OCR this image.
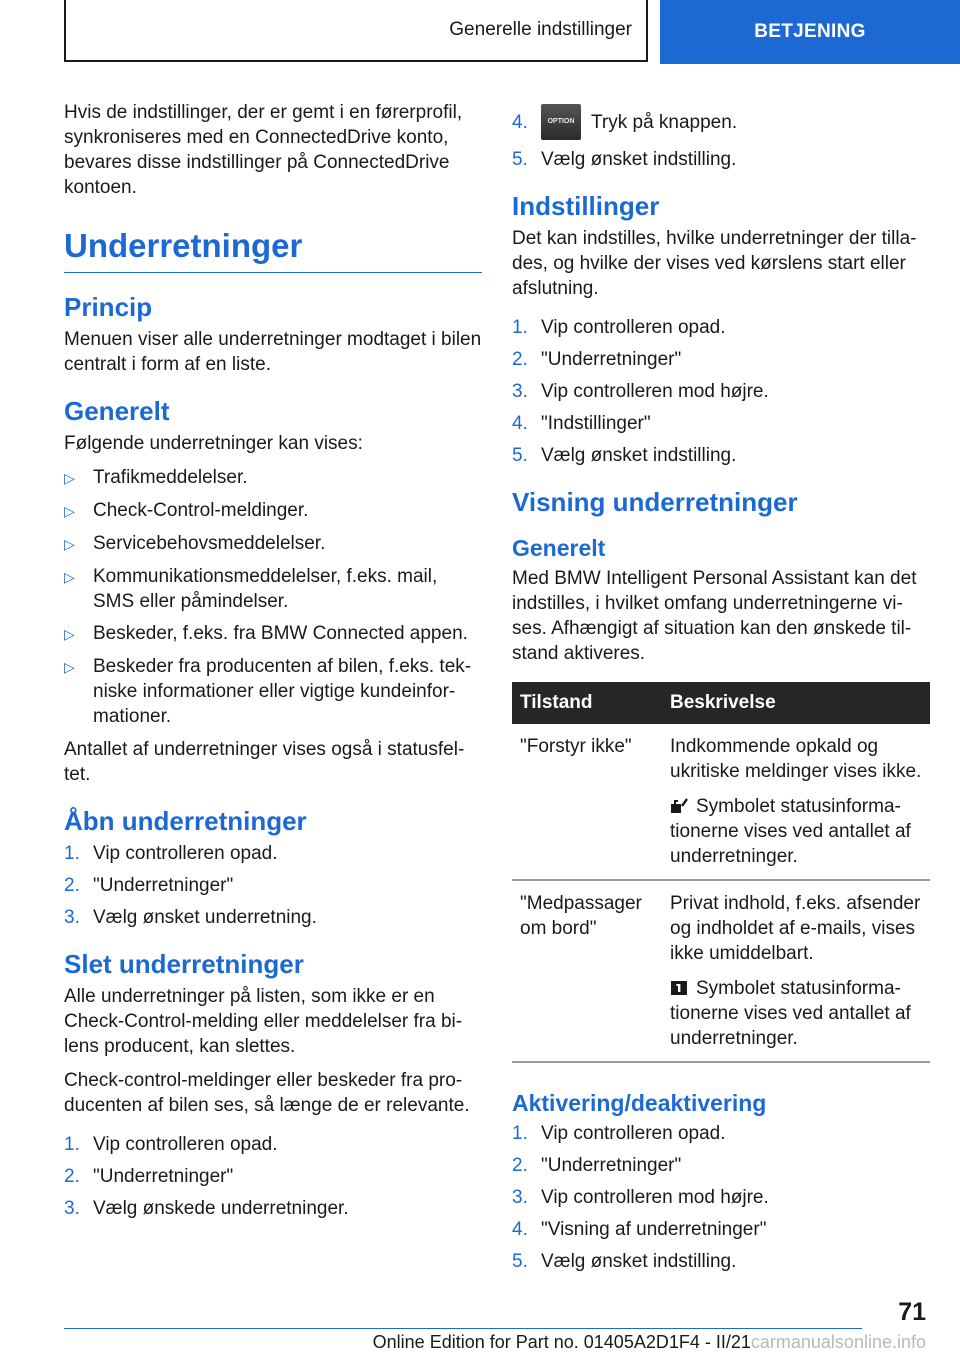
Generelle indstillinger	BETJENING

Hvis de indstillinger, der er gemt i en førerprofil, synkroniseres med en ConnectedDrive konto, bevares disse indstillinger på ConnectedDrive kontoen.

Underretninger
Princip

Menuen viser alle underretninger modtaget i bilen centralt i form af en liste.

Generelt

Følgende underretninger kan vises:

▷ Trafikmeddelelser.
▷ Check-Control-meldinger.
▷ Servicebehovsmeddelelser.
▷ Kommunikationsmeddelelser, f.eks. mail, SMS eller påmindelser.
▷ Beskeder, f.eks. fra BMW Connected appen.
▷ Beskeder fra producenten af bilen, f.eks. tekniske informationer eller vigtige kundeinformationer.

Antallet af underretninger vises også i statusfeltet.

Åbn underretninger
1. Vip controlleren opad.
2. "Underretninger"
3. Vælg ønsket underretning.
Slet underretninger

Alle underretninger på listen, som ikke er en Check-Control-melding eller meddelelser fra bilens producent, kan slettes.

Check-control-meldinger eller beskeder fra producenten af bilen ses, så længe de er relevante.

1. Vip controlleren opad.
2. "Underretninger"
3. Vælg ønskede underretninger.
4.	OPTION Tryk på knappen.
5. Vælg ønsket indstilling.
Indstillinger

Det kan indstilles, hvilke underretninger der tillades, og hvilke der vises ved kørslens start eller afslutning.

1. Vip controlleren opad.
2. "Underretninger"
3. Vip controlleren mod højre.
4. "Indstillinger"
5. Vælg ønsket indstilling.
Visning underretninger
Generelt

Med BMW Intelligent Personal Assistant kan det indstilles, i hvilket omfang underretningerne vises. Afhængigt af situation kan den ønskede tilstand aktiveres.

Tilstand	Beskrivelse
"Forstyr ikke"	Indkommende opkald og ukritiske meldinger vises ikke.
Symbolet statusinformationerne vises ved antallet af underretninger.

"Medpassager om bord"	Privat indhold, f.eks. afsender og indholdet af e-mails, vises ikke umiddelbart.
Symbolet statusinformationerne vises ved antallet af underretninger.
Aktivering/deaktivering
1. Vip controlleren opad.
2. "Underretninger"
3. Vip controlleren mod højre.
4. "Visning af underretninger"
5. Vælg ønsket indstilling.
71
Online Edition for Part no. 01405A2D1F4 - II/21carmanualsonline.info
